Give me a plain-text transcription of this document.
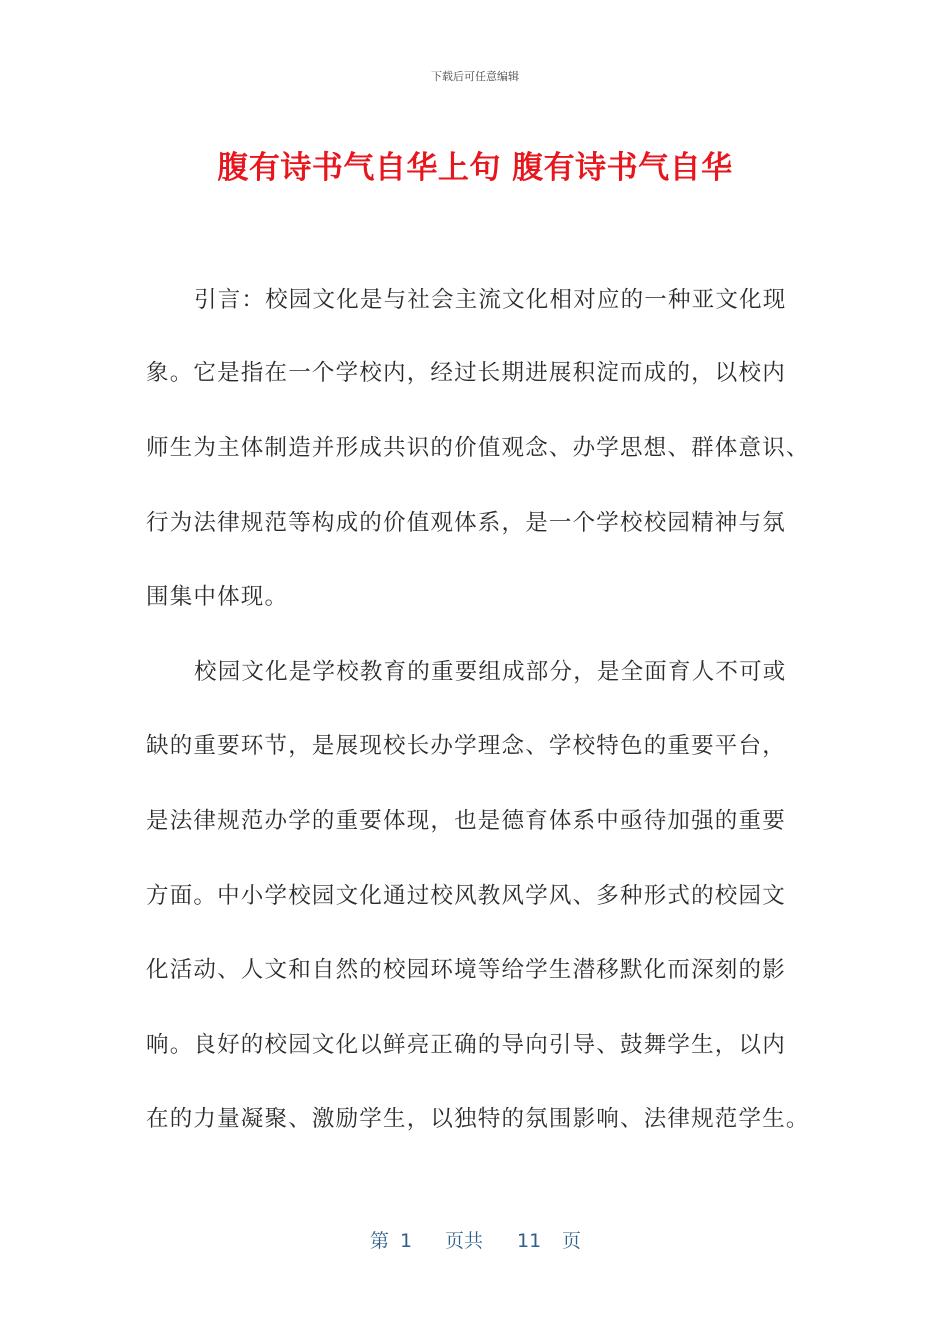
下载后可任意编辑
腹有诗书气自华上句 腹有诗书气自华
引言：校园文化是与社会主流文化相对应的一种亚文化现
象。它是指在一个学校内，经过长期进展积淀而成的，以校内
师生为主体制造并形成共识的价值观念、办学思想、群体意识、
行为法律规范等构成的价值观体系，是一个学校校园精神与氛
围集中体现。
校园文化是学校教育的重要组成部分，是全面育人不可或
缺的重要环节，是展现校长办学理念、学校特色的重要平台，
是法律规范办学的重要体现，也是德育体系中亟待加强的重要
方面。中小学校园文化通过校风教风学风、多种形式的校园文
化活动、人文和自然的校园环境等给学生潜移默化而深刻的影
响。良好的校园文化以鲜亮正确的导向引导、鼓舞学生，以内
在的力量凝聚、激励学生，以独特的氛围影响、法律规范学生。
第 1 页共 11 页
